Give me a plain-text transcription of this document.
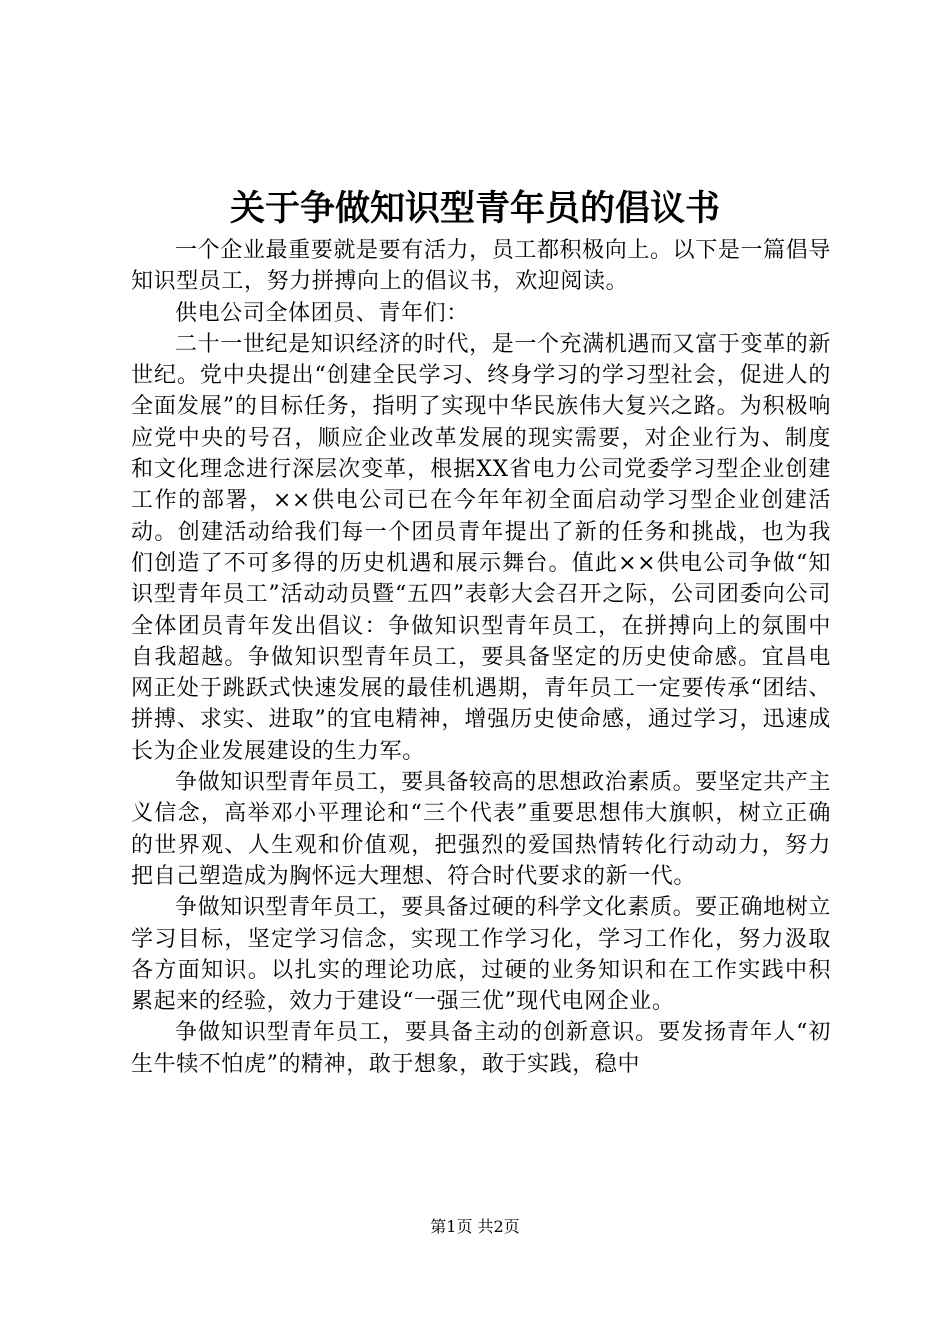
关于争做知识型青年员的倡议书

一个企业最重要就是要有活力，员工都积极向上。以下是一篇倡导知识型员工，努力拼搏向上的倡议书，欢迎阅读。

供电公司全体团员、青年们：

二十一世纪是知识经济的时代，是一个充满机遇而又富于变革的新世纪。党中央提出“创建全民学习、终身学习的学习型社会，促进人的全面发展”的目标任务，指明了实现中华民族伟大复兴之路。为积极响应党中央的号召，顺应企业改革发展的现实需要，对企业行为、制度和文化理念进行深层次变革，根据XX省电力公司党委学习型企业创建工作的部署，××供电公司已在今年年初全面启动学习型企业创建活动。创建活动给我们每一个团员青年提出了新的任务和挑战，也为我们创造了不可多得的历史机遇和展示舞台。值此××供电公司争做“知识型青年员工”活动动员暨“五四”表彰大会召开之际，公司团委向公司全体团员青年发出倡议：争做知识型青年员工，在拼搏向上的氛围中自我超越。争做知识型青年员工，要具备坚定的历史使命感。宜昌电网正处于跳跃式快速发展的最佳机遇期，青年员工一定要传承“团结、拼搏、求实、进取”的宜电精神，增强历史使命感，通过学习，迅速成长为企业发展建设的生力军。

争做知识型青年员工，要具备较高的思想政治素质。要坚定共产主义信念，高举邓小平理论和“三个代表”重要思想伟大旗帜，树立正确的世界观、人生观和价值观，把强烈的爱国热情转化行动动力，努力把自己塑造成为胸怀远大理想、符合时代要求的新一代。

争做知识型青年员工，要具备过硬的科学文化素质。要正确地树立学习目标，坚定学习信念，实现工作学习化，学习工作化，努力汲取各方面知识。以扎实的理论功底，过硬的业务知识和在工作实践中积累起来的经验，效力于建设“一强三优”现代电网企业。

争做知识型青年员工，要具备主动的创新意识。要发扬青年人“初生牛犊不怕虎”的精神，敢于想象，敢于实践，稳中

第1页 共2页
